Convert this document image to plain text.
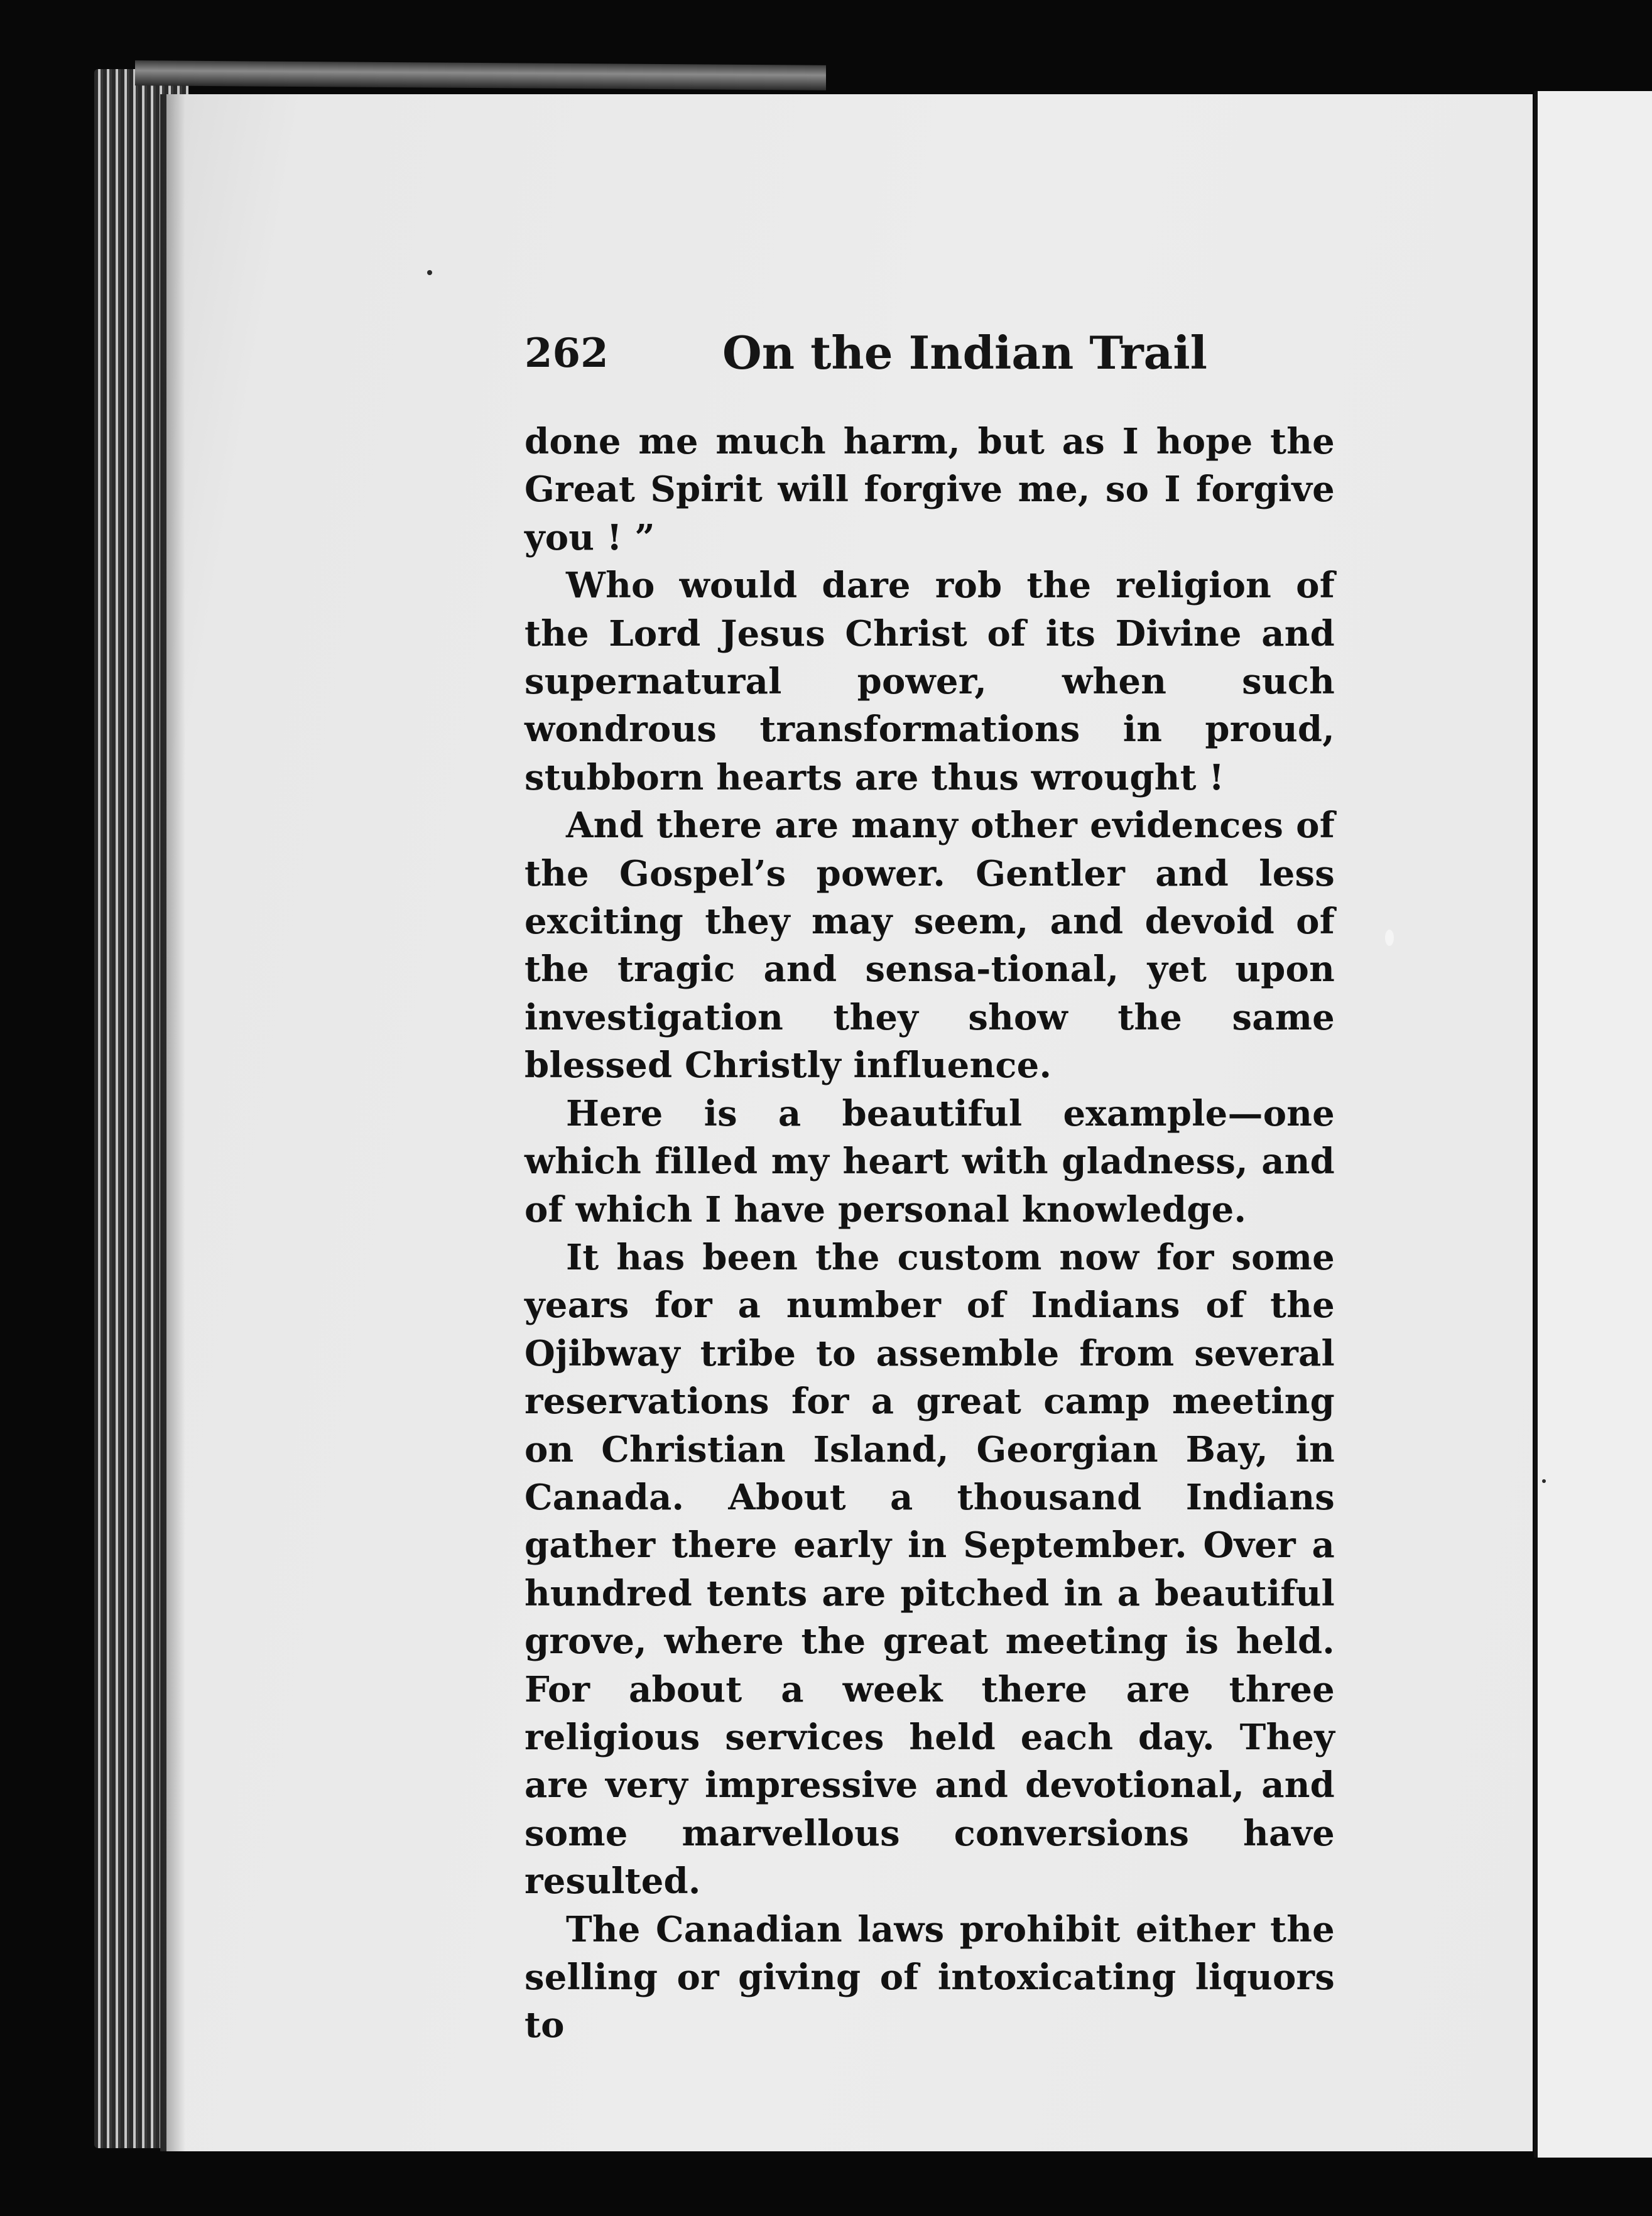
262	On the Indian Trail

done me much harm, but as I hope the Great Spirit will forgive me, so I forgive you ! ”

Who would dare rob the religion of the Lord Jesus Christ of its Divine and supernatural power, when such wondrous transformations in proud, stubborn hearts are thus wrought !

And there are many other evidences of the Gospel’s power. Gentler and less exciting they may seem, and devoid of the tragic and sensa-tional, yet upon investigation they show the same blessed Christly influence.

Here is a beautiful example—one which filled my heart with gladness, and of which I have personal knowledge.

It has been the custom now for some years for a number of Indians of the Ojibway tribe to assemble from several reservations for a great camp meeting on Christian Island, Georgian Bay, in Canada. About a thousand Indians gather there early in September. Over a hundred tents are pitched in a beautiful grove, where the great meeting is held. For about a week there are three religious services held each day. They are very impressive and devotional, and some marvellous conversions have resulted.

The Canadian laws prohibit either the selling or giving of intoxicating liquors to
